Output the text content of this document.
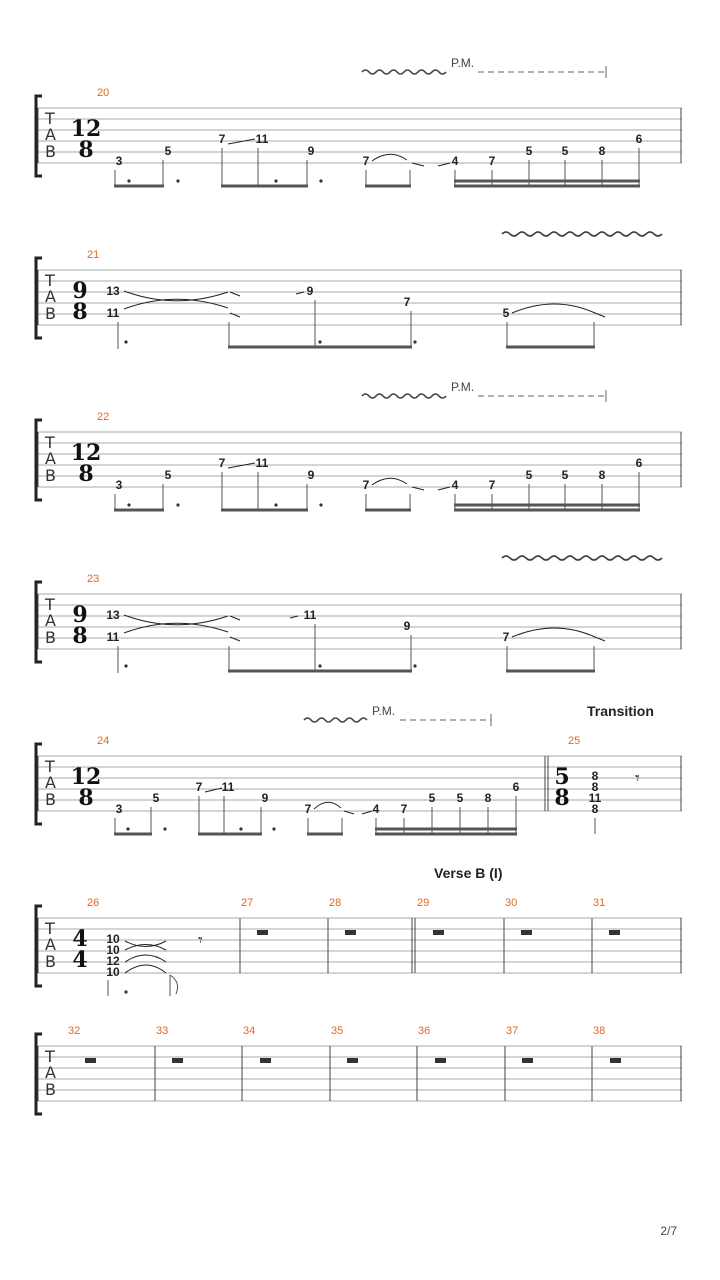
P.M.
T
A
B
12
8
20
3
5
7	11
9
7	4	7
5 5	8
6
T
A
B
9
8
21
13
11
9
7
5
P.M.
T
A
B
12
8
22
3
5
7	11
9
7	4	7
5 5	8
6
T
A
B
9
8
23
13
11
11
9
7
P.M.	Transition
T
A
B
12
8
5
8
24	25
3
5
7 11
9
7	4 7
5 5 8
6
8
8
11
8
𝄾
Verse B (I)
T
A
B
4
4
26	27	28	29	30	31
10
10
12
10
𝄾
T
A
B
32	33	34	35	36	37	38
2/7
